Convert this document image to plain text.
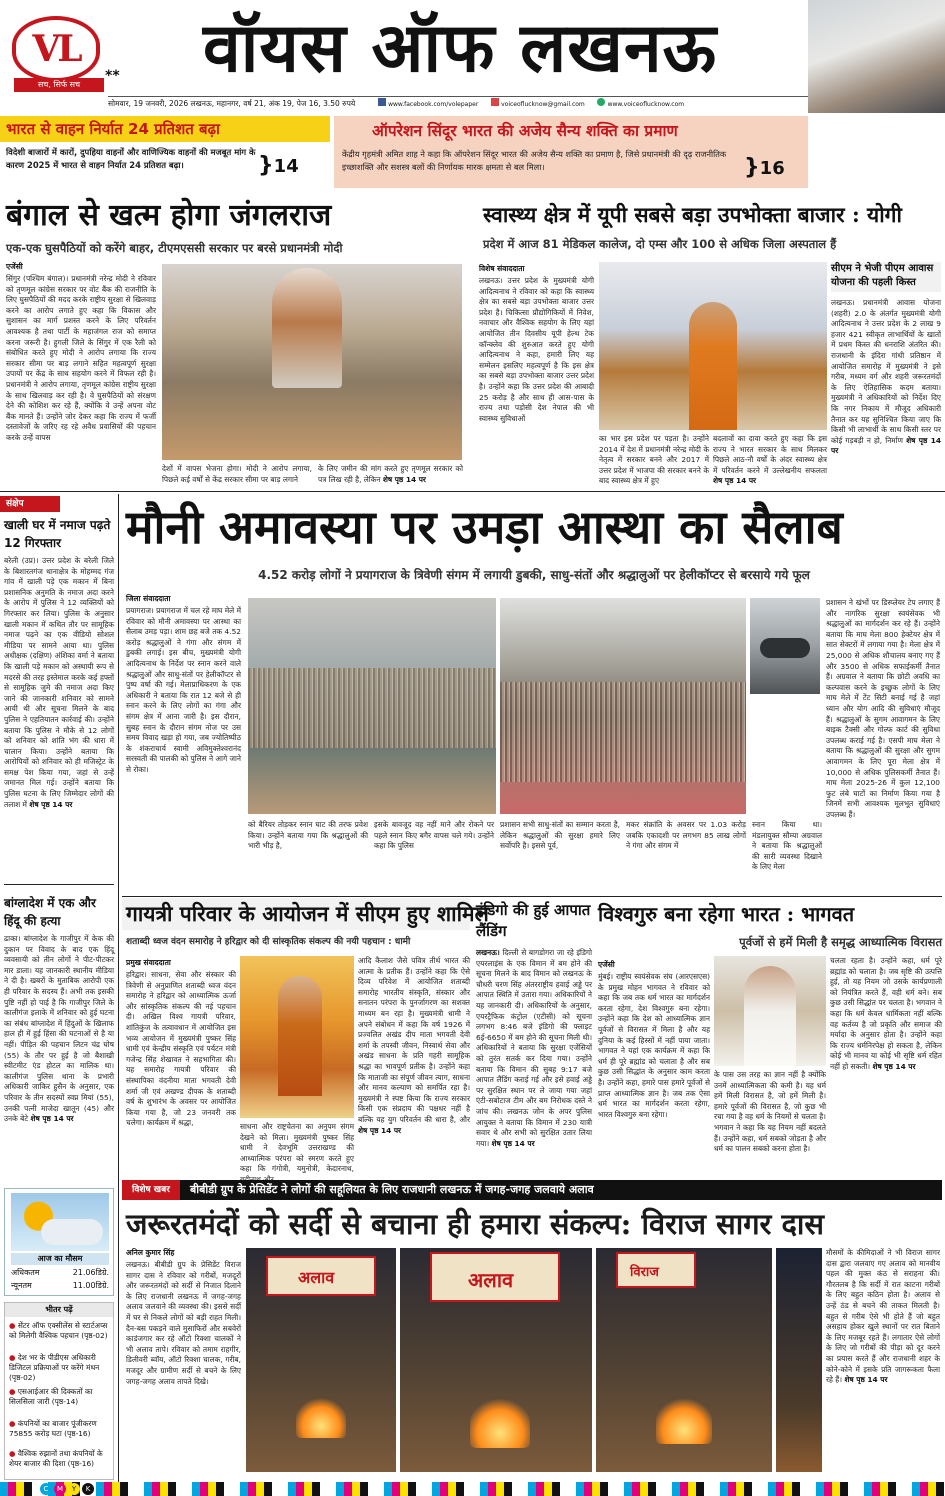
VL
सच, सिर्फ सच
**	वॉयस ऑफ लखनऊ
सोमवार, 19 जनवरी, 2026 लखनऊ, महानगर, वर्ष 21, अंक 19, पेज 16, 3.50 रुपये	www.facebook.com/volepaper	voiceoflucknow@gmail.com	www.voiceoflucknow.com
भारत से वाहन निर्यात 24 प्रतिशत बढ़ा
विदेशी बाजारों में कारों, दुपहिया वाहनों और वाणिज्यिक वाहनों की मजबूत मांग के कारण 2025 में भारत से वाहन निर्यात 24 प्रतिशत बढ़ा।	}14
ऑपरेशन सिंदूर भारत की अजेय सैन्य शक्ति का प्रमाण
केंद्रीय गृहमंत्री अमित शाह ने कहा कि ऑपरेशन सिंदूर भारत की अजेय सैन्य शक्ति का प्रमाण है, जिसे प्रधानमंत्री की दृढ़ राजनीतिक इच्छाशक्ति और सशस्त्र बलों की निर्णायक मारक क्षमता से बल मिला।	}16
बंगाल से खत्म होगा जंगलराज
एक-एक घुसपैठियों को करेंगे बाहर, टीएमएससी सरकार पर बरसे प्रधानमंत्री मोदी
एजेंसी
सिंगुर (पश्चिम बंगाल)। प्रधानमंत्री नरेन्द्र मोदी ने रविवार को तृणमूल कांग्रेस सरकार पर वोट बैंक की राजनीति के लिए घुसपैठियों की मदद करके राष्ट्रीय सुरक्षा से खिलवाड़ करने का आरोप लगाते हुए कहा कि विकास और सुशासन का मार्ग प्रशस्त करने के लिए परिवर्तन आवश्यक है तथा पार्टी के महाजंगल राज को समाप्त करना जरूरी है। हुगली जिले के सिंगुर में एक रैली को संबोधित करते हुए मोदी ने आरोप लगाया कि राज्य सरकार सीमा पर बाड़ लगाने सहित महत्वपूर्ण सुरक्षा उपायों पर केंद्र के साथ सहयोग करने में विफल रही है। प्रधानमंत्री ने आरोप लगाया, तृणमूल कांग्रेस राष्ट्रीय सुरक्षा के साथ खिलवाड़ कर रही है। वे घुसपैठियों को संरक्षण देने की कोशिश कर रहे हैं, क्योंकि वे उन्हें अपना वोट बैंक मानते हैं। उन्होंने जोर देकर कहा कि राज्य में फर्जी दस्तावेजों के जरिए रह रहे अवैध प्रवासियों की पहचान करके उन्हें वापस
देशों में वापस भेजना होगा। मोदी ने आरोप लगाया, पिछले कई वर्षों से केंद्र सरकार सीमा पर बाड़ लगाने
के लिए जमीन की मांग करते हुए तृणमूल सरकार को पत्र लिख रही है, लेकिन शेष पृष्ठ 14 पर
स्वास्थ्य क्षेत्र में यूपी सबसे बड़ा उपभोक्ता बाजार : योगी
प्रदेश में आज 81 मेडिकल कालेज, दो एम्स और 100 से अधिक जिला अस्पताल हैं
विशेष संवाददाता
लखनऊ। उत्तर प्रदेश के मुख्यमंत्री योगी आदित्यनाथ ने रविवार को कहा कि स्वास्थ्य क्षेत्र का सबसे बड़ा उपभोक्ता बाजार उत्तर प्रदेश है। चिकित्सा प्रौद्योगिकियों में निवेश, नवाचार और वैश्विक सहयोग के लिए यहां आयोजित तीन दिवसीय यूपी हेल्थ टेक कॉन्क्लेव की शुरुआत करते हुए योगी आदित्यनाथ ने कहा, हमारी लिए यह सम्मेलन इसलिए महत्वपूर्ण है कि इस क्षेत्र का सबसे बड़ा उपभोक्ता बाजार उत्तर प्रदेश है। उन्होंने कहा कि उत्तर प्रदेश की आबादी 25 करोड़ है और साथ ही आस-पास के राज्य तथा पड़ोसी देश नेपाल की भी स्वास्थ्य सुविधाओं
का भार इस प्रदेश पर पड़ता है। उन्होंने 2014 में देश में प्रधानमंत्री नरेन्द्र मोदी के नेतृत्व में सरकार बनने और 2017 में उत्तर प्रदेश में भाजपा की सरकार बनने के बाद स्वास्थ्य क्षेत्र में हुए
बदलावों का दावा करते हुए कहा कि इस राज्य ने भारत सरकार के साथ मिलकर पिछले आठ-नौ वर्षों के अंदर स्वास्थ्य क्षेत्र में परिवर्तन करने में उल्लेखनीय सफलता शेष पृष्ठ 14 पर
सीएम ने भेजी पीएम आवास योजना की पहली किस्त
लखनऊ। प्रधानमंत्री आवास योजना (शहरी) 2.0 के अंतर्गत मुख्यमंत्री योगी आदित्यनाथ ने उत्तर प्रदेश के 2 लाख 9 हजार 421 स्वीकृत लाभार्थियों के खातों में प्रथम किस्त की धनराशि अंतरित की। राजधानी के इंदिरा गांधी प्रतिष्ठान में आयोजित समारोह में मुख्यमंत्री ने इसे गरीब, मध्यम वर्ग और शहरी जरूरतमंदों के लिए ऐतिहासिक कदम बताया। मुख्यमंत्री ने अधिकारियों को निर्देश दिए कि नगर निकाय में मौजूद अधिकारी तैनात कर यह सुनिश्चित किया जाए कि किसी भी लाभार्थी के साथ किसी स्तर पर कोई गड़बड़ी न हो, निर्माण शेष पृष्ठ 14 पर
संक्षेप
खाली घर में नमाज पढ़ते 12 गिरफ्तार
बरेली (उप्र)। उत्तर प्रदेश के बरेली जिले के बिशारतगंज थानाक्षेत्र के मोहम्मद गंज गांव में खाली पड़े एक मकान में बिना प्रशासनिक अनुमति के नमाज अदा करने के आरोप में पुलिस ने 12 व्यक्तियों को गिरफ्तार कर लिया। पुलिस के अनुसार खाली मकान में कथित तौर पर सामूहिक नमाज पढ़ने का एक वीडियो सोशल मीडिया पर सामने आया था। पुलिस अधीक्षक (दक्षिण) अंशिका वर्मा ने बताया कि खाली पड़े मकान को अस्थायी रूप से मदरसे की तरह इस्तेमाल करके कई हफ्तों से सामूहिक जुमे की नमाज अदा किए जाने की जानकारी शनिवार को सामने आयी थी और सूचना मिलने के बाद पुलिस ने एहतियातन कार्रवाई की। उन्होंने बताया कि पुलिस ने मौके से 12 लोगों को शनिवार को शांति भंग की धारा में चालान किया। उन्होंने बताया कि आरोपियों को शनिवार को ही मजिस्ट्रेट के समक्ष पेश किया गया, जहां से उन्हें जमानत मिल गई। उन्होंने बताया कि पुलिस घटना के लिए जिम्मेदार लोगों की तलाश में शेष पृष्ठ 14 पर
बांग्लादेश में एक और हिंदू की हत्या
ढाका। बांग्लादेश के गाजीपुर में केक की दुकान पर विवाद के बाद एक हिंदू व्यवसायी को तीन लोगों ने पीट-पीटकर मार डाला। यह जानकारी स्थानीय मीडिया ने दी है। खबरों के मुताबिक आरोपी एक ही परिवार के सदस्य हैं। अभी तक इसकी पुष्टि नहीं हो पाई है कि गाजीपुर जिले के कालीगंज इलाके में शनिवार को हुई घटना का संबंध बांग्लादेश में हिंदुओं के खिलाफ हाल ही में हुई हिंसा की घटनाओं से है या नहीं। पीड़ित की पहचान लिटन चंद्र घोष (55) के तौर पर हुई है जो बैशाखी स्वीटमीट एंड होटल का मालिक था। कालीगंज पुलिस थाना के प्रभारी अधिकारी जाकिर हुसैन के अनुसार, एक परिवार के तीन सदस्यों स्वप्न मियां (55), उनकी पत्नी माजेदा खातून (45) और उनके बेटे शेष पृष्ठ 14 पर
आज का मौसम
अधिकतम	21.06डिग्रे.
न्यूनतम	11.00डिग्रे.
भीतर पढ़ें
● सेंटर ऑफ एक्सीलेंस से स्टार्टअप्स को मिलेगी वैश्विक पहचान (पृष्ठ-02)
● देश भर के पीडीएस अधिकारी डिजिटल प्रक्रियाओं पर करेंगे मंथन (पृष्ठ-02)
● एसआईआर की दिक्कतों का सिलसिला जारी (पृष्ठ-14)
● कंपनियों का बाजार पूंजीकरण 75855 करोड़ घटा (पृष्ठ-16)
● वैश्विक रुझानों तथा कंपनियों के शेयर बाजार की दिशा (पृष्ठ-16)
मौनी अमावस्या पर उमड़ा आस्था का सैलाब
4.52 करोड़ लोगों ने प्रयागराज के त्रिवेणी संगम में लगायी डुबकी, साधु-संतों और श्रद्धालुओं पर हेलीकॉप्टर से बरसाये गये फूल
जिला संवाददाता
प्रयागराज। प्रयागराज में चल रहे माघ मेले में रविवार को मौनी अमावस्या पर आस्था का सैलाब उमड़ पड़ा। शाम छह बजे तक 4.52 करोड़ श्रद्धालुओं ने गंगा और संगम में डुबकी लगाई। इस बीच, मुख्यमंत्री योगी आदित्यनाथ के निर्देश पर स्नान करने वाले श्रद्धालुओं और साधु-संतों पर हेलीकॉप्टर से पुष्प वर्षा की गई। मेलाप्राधिकरण के एक अधिकारी ने बताया कि रात 12 बजे से ही स्नान करने के लिए लोगों का गंगा और संगम क्षेत्र में आना जारी है। इस दौरान, सुबह स्नान के दौरान संगम नोज पर उस समय विवाद खड़ा हो गया, जब ज्योतिष्पीठ के शंकराचार्य स्वामी अविमुक्तेश्वरानंद सरस्वती की पालकी को पुलिस ने आगे जाने से रोका।
को बैरियर तोड़कर स्नान घाट की तरफ प्रवेश किया। उन्होंने बताया गया कि श्रद्धालुओं की भारी भीड़ है,
इसके बावजूद वह नहीं माने और रोकने पर पहले स्नान किए बगैर वापस चले गये। उन्होंने कहा कि पुलिस
प्रशासन सभी साधु-संतों का सम्मान करता है, लेकिन श्रद्धालुओं की सुरक्षा हमारे लिए सर्वोपरि है। इससे पूर्व,
मकर संक्रांति के अवसर पर 1.03 करोड़ जबकि एकादशी पर लगभग 85 लाख लोगों ने गंगा और संगम में
स्नान किया था। मंडलायुक्त सौम्या अग्रवाल ने बताया कि श्रद्धालुओं की सारी व्यवस्था दिखाने के लिए मेला
प्रशासन ने खंभों पर डिस्प्लेयर टेप लगाए हैं और नागरिक सुरक्षा स्वयंसेवक भी श्रद्धालुओं का मार्गदर्शन कर रहे हैं। उन्होंने बताया कि माघ मेला 800 हेक्टेयर क्षेत्र में सात सेक्टरों में लगाया गया है। मेला क्षेत्र में 25,000 से अधिक शौचालय बनाए गए हैं और 3500 से अधिक सफाईकर्मी तैनात हैं। अग्रवाल ने बताया कि छोटी अवधि का कल्पवास करने के इच्छुक लोगों के लिए माघ मेले में टेंट सिटी बनाई गई है जहां ध्यान और योग आदि की सुविधाएं मौजूद हैं। श्रद्धालुओं के सुगम आवागमन के लिए बाइक टैक्सी और गोल्फ कार्ट की सुविधा उपलब्ध कराई गई है। एसपी माघ मेला ने बताया कि श्रद्धालुओं की सुरक्षा और सुगम आवागमन के लिए पूरा मेला क्षेत्र में 10,000 से अधिक पुलिसकर्मी तैनात हैं। माघ मेला 2025-26 में कुल 12,100 फुट लंबे घाटों का निर्माण किया गया है जिनमें सभी आवश्यक मूलभूत सुविधाएं उपलब्ध हैं।
गायत्री परिवार के आयोजन में सीएम हुए शामिल
शताब्दी ध्वज वंदन समारोह ने हरिद्वार को दी सांस्कृतिक संकल्प की नयी पहचान : धामी
प्रमुख संवाददाता
हरिद्वार। साधना, सेवा और संस्कार की त्रिवेणी से अनुप्राणित शताब्दी ध्वज वंदन समारोह ने हरिद्वार को आध्यात्मिक ऊर्जा और सांस्कृतिक संकल्प की नई पहचान दी। अखिल विश्व गायत्री परिवार, शांतिकुंज के तत्वावधान में आयोजित इस भव्य आयोजन में मुख्यमंत्री पुष्कर सिंह धामी एवं केन्द्रीय संस्कृति एवं पर्यटन मंत्री गजेन्द्र सिंह शेखावत ने सहभागिता की। यह समारोह गायत्री परिवार की संस्थापिका वंदनीया माता भगवती देवी शर्मा जी एवं अखण्ड दीपक के शताब्दी वर्ष के शुभारंभ के अवसर पर आयोजित किया गया है, जो 23 जनवरी तक चलेगा। कार्यक्रम में श्रद्धा,	साधना और राष्ट्रचेतना का अनुपम संगम देखने को मिला। मुख्यमंत्री पुष्कर सिंह धामी ने देवभूमि उत्तराखण्ड की आध्यात्मिक परंपरा को स्मरण करते हुए कहा कि गंगोत्री, यमुनोत्री, केदारनाथ,
आदि कैलाश जैसे पवित्र तीर्थ भारत की आत्मा के प्रतीक हैं। उन्होंने कहा कि ऐसे दिव्य परिवेश में आयोजित शताब्दी समारोह भारतीय संस्कृति, संस्कार और सनातन परंपरा के पुनर्जागरण का सशक्त माध्यम बन रहा है। मुख्यमंत्री धामी ने अपने संबोधन में कहा कि वर्ष 1926 में प्रज्वलित अखंड दीप माता भगवती देवी शर्मा के तपस्वी जीवन, निस्वार्थ सेवा और अखंड साधना के प्रति गहरी सामूहिक श्रद्धा का भावपूर्ण प्रतीक है। उन्होंने कहा कि माताजी का संपूर्ण जीवन त्याग, साधना और मानव कल्याण को समर्पित रहा है। मुख्यमंत्री ने स्पष्ट किया कि राज्य सरकार किसी एक संप्रदाय की पक्षधर नहीं है बल्कि यह युग परिवर्तन की धारा है, और शेष पृष्ठ 14 पर
इंडिगो की हुई आपात लैंडिंग
लखनऊ। दिल्ली से बागडोगरा जा रहे इंडिगो एयरलाइंस के एक विमान में बम होने की सूचना मिलने के बाद विमान को लखनऊ के चौधरी चरण सिंह अंतरराष्ट्रीय हवाई अड्डे पर आपात स्थिति में उतारा गया। अधिकारियों ने यह जानकारी दी। अधिकारियों के अनुसार, एयरट्रैफिक कंट्रोल (एटीसी) को सूचना लगभग 8:46 बजे इंडिगो की फ्लाइट 6ई-6650 में बम होने की सूचना मिली थी। अधिकारियों ने बताया कि सुरक्षा एजेंसियों को तुरंत सतर्क कर दिया गया। उन्होंने बताया कि विमान की सुबह 9:17 बजे आपात लैंडिंग कराई गई और इसे हवाई अड्डे पर सुरक्षित स्थान पर ले जाया गया जहां एंटी-सबोटाज टीम और बम निरोधक दस्ते ने जांच की। लखनऊ जोन के अपर पुलिस आयुक्त ने बताया कि विमान में 230 यात्री सवार थे और सभी को सुरक्षित उतार लिया गया। शेष पृष्ठ 14 पर
विश्वगुरु बना रहेगा भारत : भागवत
पूर्वजों से हमें मिली है समृद्ध आध्यात्मिक विरासत
एजेंसी
मुंबई। राष्ट्रीय स्वयंसेवक संघ (आरएसएस) के प्रमुख मोहन भागवत ने रविवार को कहा कि जब तक धर्म भारत का मार्गदर्शन करता रहेगा, देश विश्वगुरु बना रहेगा। उन्होंने कहा कि देश को आध्यात्मिक ज्ञान पूर्वजों से विरासत में मिला है और यह दुनिया के कई हिस्सों में नहीं पाया जाता। भागवत ने यहां एक कार्यक्रम में कहा कि धर्म ही पूरे ब्रह्मांड को चलाता है और सब कुछ उसी सिद्धांत के अनुसार काम करता है। उन्होंने कहा, हमारे पास हमारे पूर्वजों से प्राप्त आध्यात्मिक ज्ञान है। जब तक ऐसा धर्म भारत का मार्गदर्शन करता रहेगा, भारत विश्वगुरु बना रहेगा।
के पास उस तरह का ज्ञान नहीं है क्योंकि उनमें आध्यात्मिकता की कमी है। यह धर्म हमें मिली विरासत है, जो हमें मिली है। हमारे पूर्वजों की विरासत है, जो कुछ भी रचा गया है वह धर्म के नियमों से चलता है। भगवान ने कहा कि यह नियम नहीं बदलते हैं। उन्होंने कहा, धर्म सबको जोड़ता है और धर्म का पालन सबको करना होता है।
चलता रहता है। उन्होंने कहा, धर्म पूरे ब्रह्मांड को चलाता है। जब सृष्टि की उत्पत्ति हुई, तो यह नियम जो उसके कार्यप्रणाली को नियंत्रित करते हैं, वही धर्म बने। सब कुछ उसी सिद्धांत पर चलता है। भगवान ने कहा कि धर्म केवल धार्मिकता नहीं बल्कि वह कर्तव्य है जो प्रकृति और समाज की मर्यादा के अनुसार होता है। उन्होंने कहा कि राज्य धर्मनिरपेक्ष हो सकता है, लेकिन कोई भी मानव या कोई भी सृष्टि धर्म रहित नहीं हो सकती। शेष पृष्ठ 14 पर
विशेष खबर	बीबीडी ग्रुप के प्रेसिडेंट ने लोगों की सहूलियत के लिए राजधानी लखनऊ में जगह-जगह जलवाये अलाव
जरूरतमंदों को सर्दी से बचाना ही हमारा संकल्प: विराज सागर दास
अनिल कुमार सिंह
लखनऊ। बीबीडी ग्रुप के प्रेसिडेंट विराज सागर दास ने रविवार को गरीबों, मजदूरों और जरूरतमंदों को सर्दी से निजात दिलाने के लिए राजधानी लखनऊ में जगह-जगह अलाव जलवाने की व्यवस्था की। इससे सर्दी में घर से निकले लोगों को बड़ी राहत मिली। दैन-बस पकड़ने वाले मुसाफिरों और सबवेरों काडंजगार कर रहे ऑटो रिक्शा चालकों ने भी अलाव तापे। रविवार को तमाम राहगीर, डिलीवरी ब्वॉय, ऑटो रिक्शा चालक, गरीब, मजदूर और ग्रामीण सर्दी से बचने के लिए जगह-जगह अलाव तापते दिखे।
अलाव	अलाव	विराज
मौसमों के कीमिदाओं ने भी विराज सागर दास द्वारा जलवाए गए अलाव को मानवीय पहल की मुक्त कंठ से सराहना की। गौरतलब है कि सर्दी में रात काटना गरीबों के लिए बहुत कठिन होता है। अलाव से उन्हें ठंड से बचने की ताकत मिलती है। बहुत से गरीब ऐसे भी होते हैं जो बहुत असहाय होकर खुले स्थानों पर रात बिताने के लिए मजबूर रहते हैं। लगातार ऐसे लोगों के लिए जो गरीबों की पीड़ा को दूर करने का प्रयास करते हैं और राजधानी शहर के कोने-कोने में इसके प्रति जागरूकता फैला रहे हैं। शेष पृष्ठ 14 पर
C	M	Y	K
